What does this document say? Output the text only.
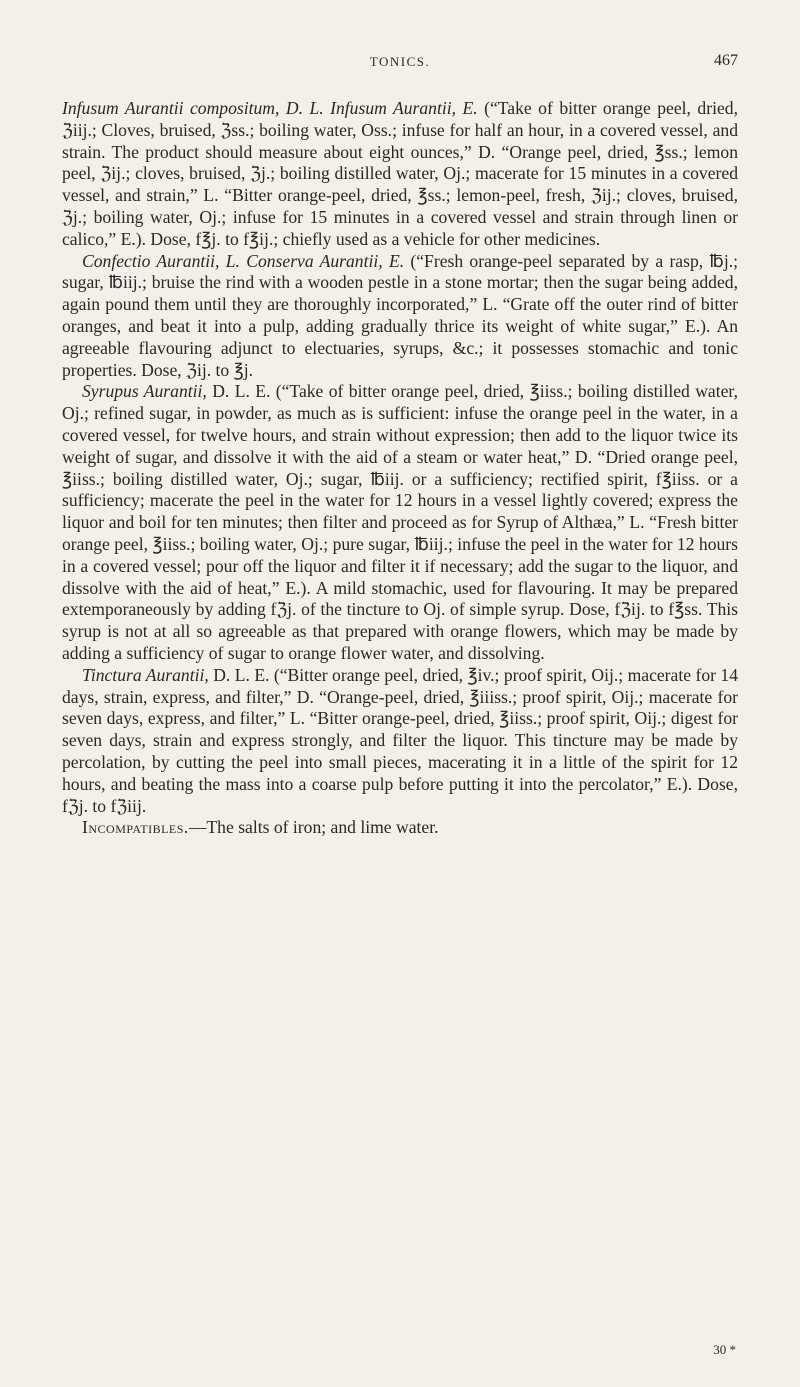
TONICS.	467

Infusum Aurantii compositum, D. L. Infusum Aurantii, E. (“Take of bitter orange peel, dried, ℨiij.; Cloves, bruised, ℨss.; boiling water, Oss.; infuse for half an hour, in a covered vessel, and strain. The product should measure about eight ounces,” D. “Orange peel, dried, ℥ss.; lemon peel, ℨij.; cloves, bruised, ℨj.; boiling distilled water, Oj.; macerate for 15 minutes in a covered vessel, and strain,” L. “Bitter orange-peel, dried, ℥ss.; lemon-peel, fresh, ℨij.; cloves, bruised, ℨj.; boiling water, Oj.; infuse for 15 minutes in a covered vessel and strain through linen or calico,” E.). Dose, f℥j. to f℥ij.; chiefly used as a vehicle for other medicines.

Confectio Aurantii, L. Conserva Aurantii, E. (“Fresh orange-peel separated by a rasp, ℔j.; sugar, ℔iij.; bruise the rind with a wooden pestle in a stone mortar; then the sugar being added, again pound them until they are thoroughly incorporated,” L. “Grate off the outer rind of bitter oranges, and beat it into a pulp, adding gradually thrice its weight of white sugar,” E.). An agreeable flavouring adjunct to electuaries, syrups, &c.; it possesses stomachic and tonic properties. Dose, ℨij. to ℥j.

Syrupus Aurantii, D. L. E. (“Take of bitter orange peel, dried, ℥iiss.; boiling distilled water, Oj.; refined sugar, in powder, as much as is sufficient: infuse the orange peel in the water, in a covered vessel, for twelve hours, and strain without expression; then add to the liquor twice its weight of sugar, and dissolve it with the aid of a steam or water heat,” D. “Dried orange peel, ℥iiss.; boiling distilled water, Oj.; sugar, ℔iij. or a sufficiency; rectified spirit, f℥iiss. or a sufficiency; macerate the peel in the water for 12 hours in a vessel lightly covered; express the liquor and boil for ten minutes; then filter and proceed as for Syrup of Althæa,” L. “Fresh bitter orange peel, ℥iiss.; boiling water, Oj.; pure sugar, ℔iij.; infuse the peel in the water for 12 hours in a covered vessel; pour off the liquor and filter it if necessary; add the sugar to the liquor, and dissolve with the aid of heat,” E.). A mild stomachic, used for flavouring. It may be prepared extemporaneously by adding fℨj. of the tincture to Oj. of simple syrup. Dose, fℨij. to f℥ss. This syrup is not at all so agreeable as that prepared with orange flowers, which may be made by adding a sufficiency of sugar to orange flower water, and dissolving.

Tinctura Aurantii, D. L. E. (“Bitter orange peel, dried, ℥iv.; proof spirit, Oij.; macerate for 14 days, strain, express, and filter,” D. “Orange-peel, dried, ℥iiiss.; proof spirit, Oij.; macerate for seven days, express, and filter,” L. “Bitter orange-peel, dried, ℥iiss.; proof spirit, Oij.; digest for seven days, strain and express strongly, and filter the liquor. This tincture may be made by percolation, by cutting the peel into small pieces, macerating it in a little of the spirit for 12 hours, and beating the mass into a coarse pulp before putting it into the percolator,” E.). Dose, fℨj. to fℨiij.

Incompatibles.—The salts of iron; and lime water.

30 *
